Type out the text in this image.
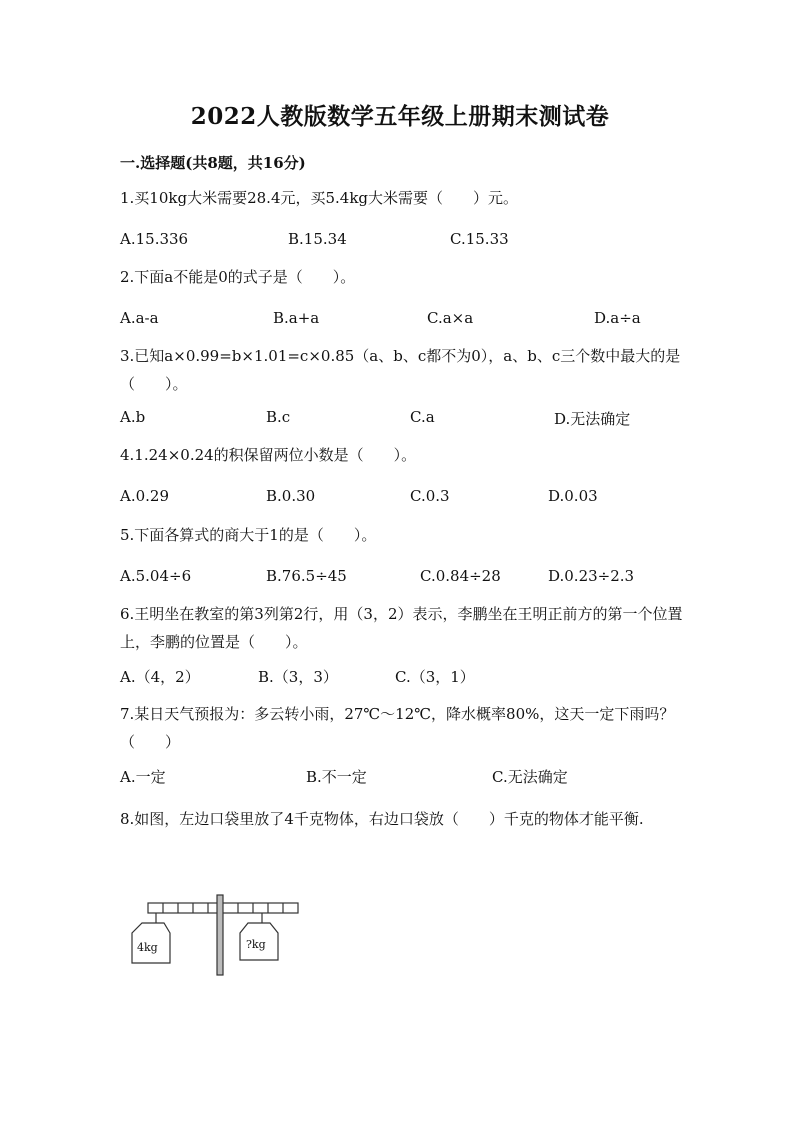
2022人教版数学五年级上册期末测试卷
一.选择题(共8题，共16分)
1.买10kg大米需要28.4元，买5.4kg大米需要（　　）元。
A.15.336	B.15.34	C.15.33
2.下面a不能是0的式子是（　　）。
A.a-a	B.a+a	C.a×a	D.a÷a
3.已知a×0.99=b×1.01=c×0.85（a、b、c都不为0），a、b、c三个数中最大的是（　　）。
A.b	B.c	C.a	D.无法确定
4.1.24×0.24的积保留两位小数是（　　）。
A.0.29	B.0.30	C.0.3	D.0.03
5.下面各算式的商大于1的是（　　）。
A.5.04÷6	B.76.5÷45	C.0.84÷28	D.0.23÷2.3
6.王明坐在教室的第3列第2行，用（3，2）表示，李鹏坐在王明正前方的第一个位置上，李鹏的位置是（　　）。
A.（4，2）	B.（3，3）	C.（3，1）
7.某日天气预报为：多云转小雨，27℃～12℃，降水概率80%，这天一定下雨吗？（　　）
A.一定	B.不一定	C.无法确定
8.如图，左边口袋里放了4千克物体，右边口袋放（　　）千克的物体才能平衡.
4kg	?kg
